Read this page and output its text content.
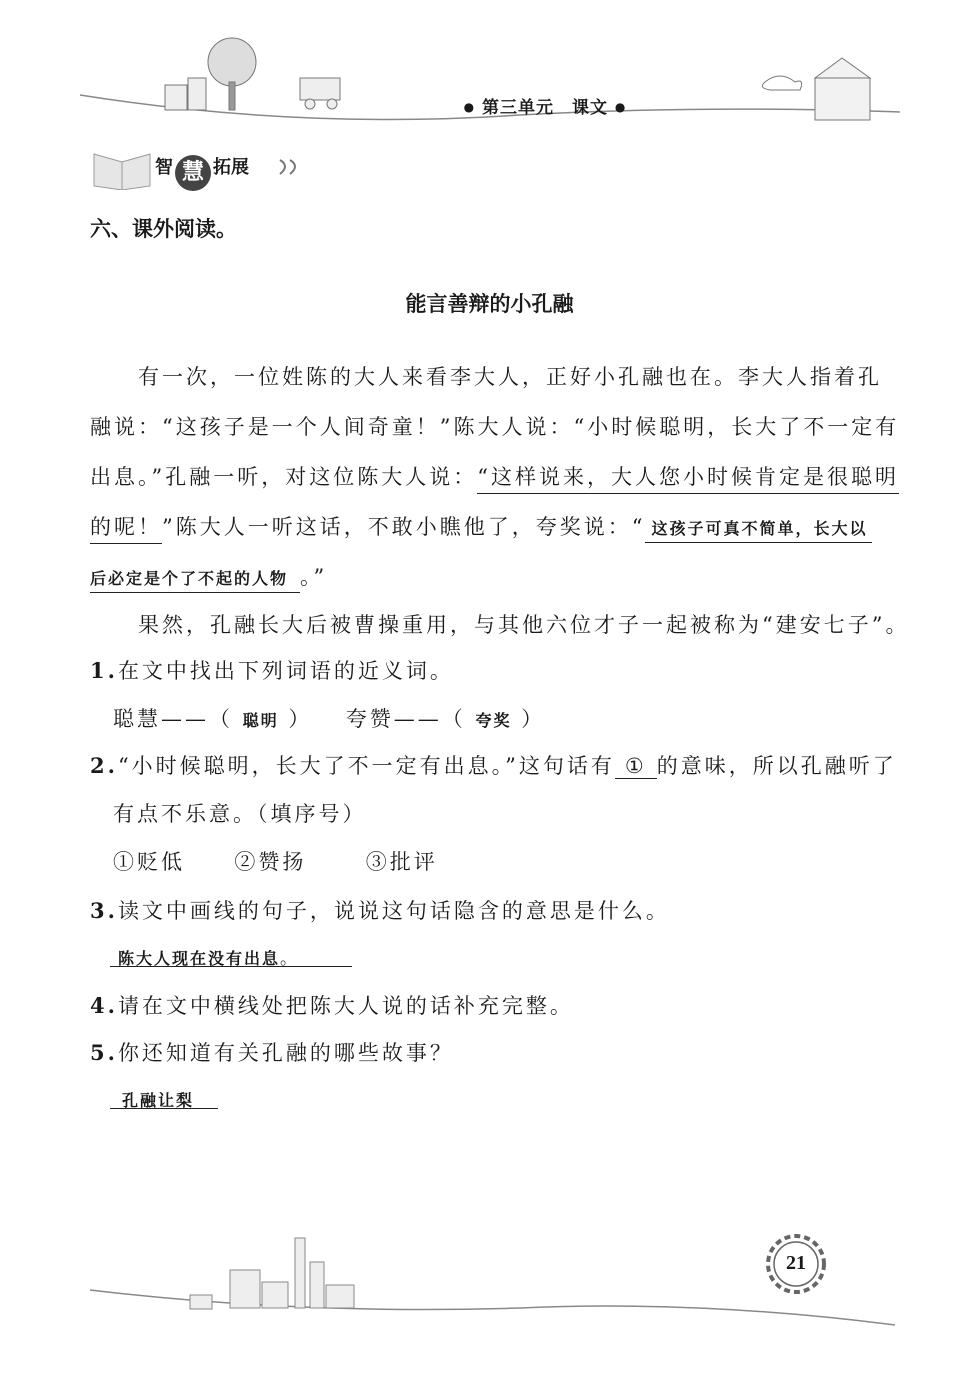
● 第三单元　课文 ●
智 慧 拓展
六、课外阅读。
能言善辩的小孔融
有一次，一位姓陈的大人来看李大人，正好小孔融也在。李大人指着孔
融说：“这孩子是一个人间奇童！”陈大人说：“小时候聪明，长大了不一定有
出息。”孔融一听，对这位陈大人说：“这样说来，大人您小时候肯定是很聪明
的呢！”陈大人一听这话，不敢小瞧他了，夸奖说：“ 这孩子可真不简单，长大以
后必定是个了不起的人物 。”
果然，孔融长大后被曹操重用，与其他六位才子一起被称为“建安七子”。
1.在文中找出下列词语的近义词。
聪慧——（ 聪明 ） 夸赞——（ 夸奖 ）
2.“小时候聪明，长大了不一定有出息。”这句话有 ① 的意味，所以孔融听了
有点不乐意。（填序号）
①贬低 ②赞扬	③批评
3.读文中画线的句子，说说这句话隐含的意思是什么。
陈大人现在没有出息。
4.请在文中横线处把陈大人说的话补充完整。
5.你还知道有关孔融的哪些故事？
孔融让梨
21
